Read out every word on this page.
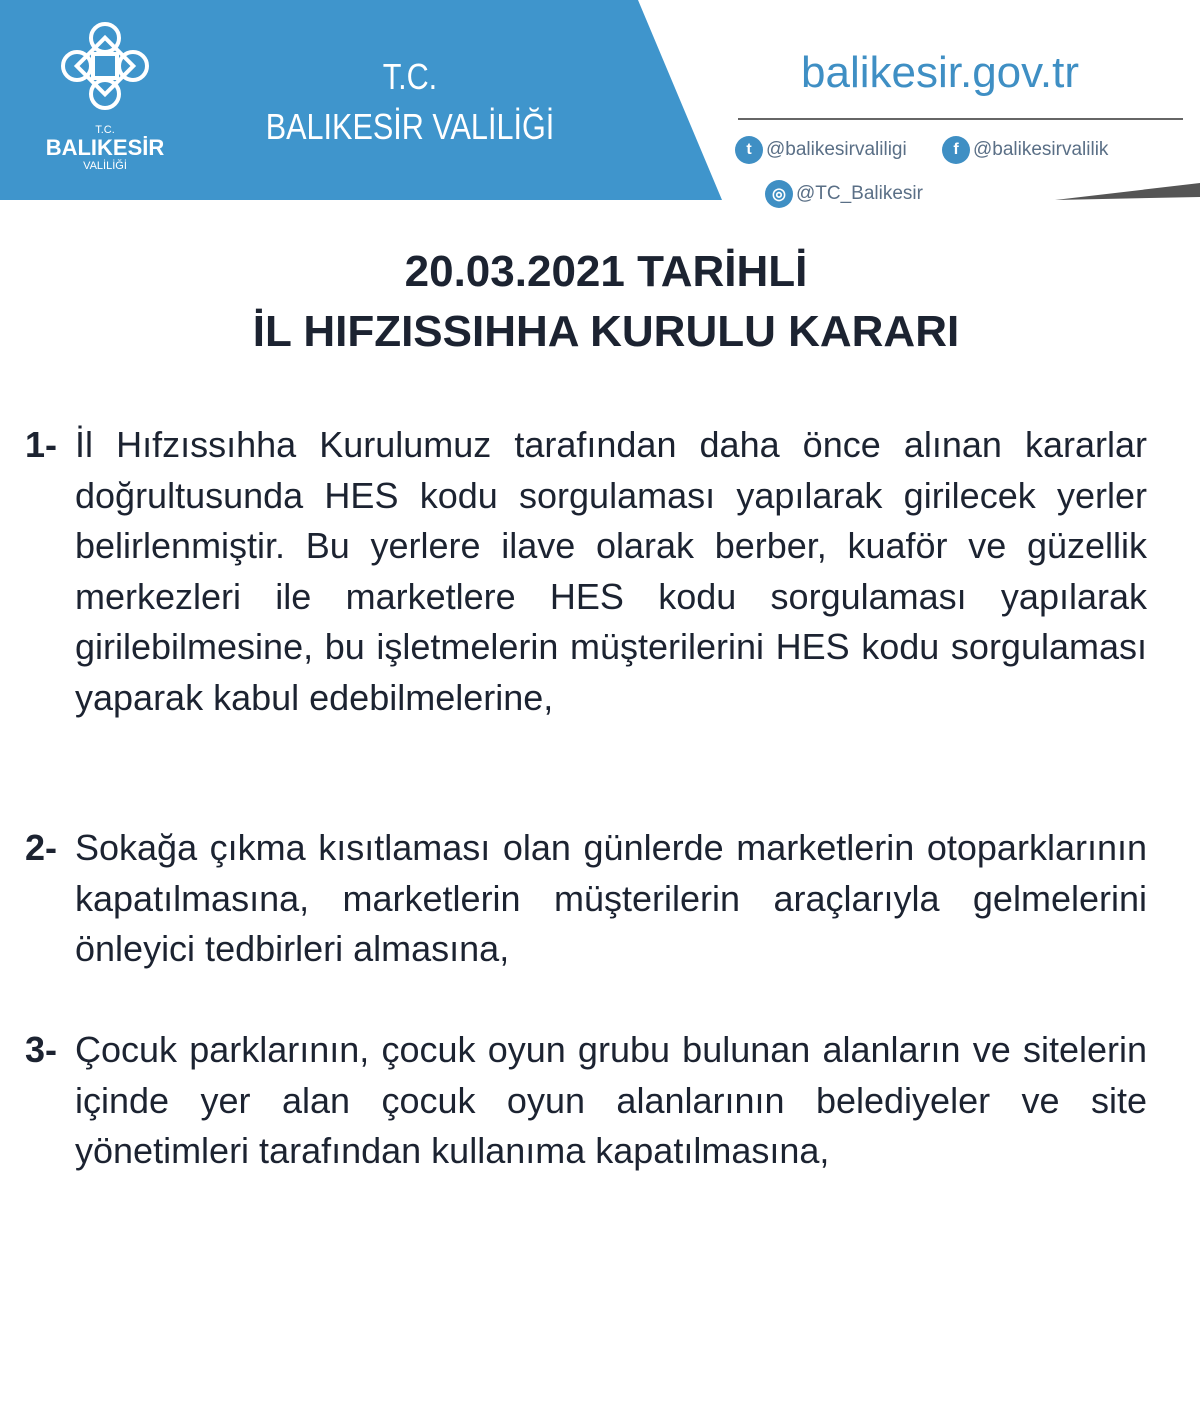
T.C.
BALIKESİR
VALİLİĞİ
T.C.
BALIKESİR VALİLİĞİ
balikesir.gov.tr
t @balikesirvaliligi	f @balikesirvalilik
◎ @TC_Balikesir
20.03.2021 TARİHLİ
İL HIFZISSIHHA KURULU KARARI
1- İl Hıfzıssıhha Kurulumuz tarafından daha önce alınan kararlar doğrultusunda HES kodu sorgulaması yapılarak girilecek yerler belirlenmiştir. Bu yerlere ilave olarak berber, kuaför ve güzellik merkezleri ile marketlere HES kodu sorgulaması yapılarak girilebilmesine, bu işletmelerin müşterilerini HES kodu sorgulaması yaparak kabul edebilmelerine,
2- Sokağa çıkma kısıtlaması olan günlerde marketlerin otoparklarının kapatılmasına, marketlerin müşterilerin araçlarıyla gelmelerini önleyici tedbirleri almasına,
3- Çocuk parklarının, çocuk oyun grubu bulunan alanların ve sitelerin içinde yer alan çocuk oyun alanlarının belediyeler ve site yönetimleri tarafından kullanıma kapatılmasına,
